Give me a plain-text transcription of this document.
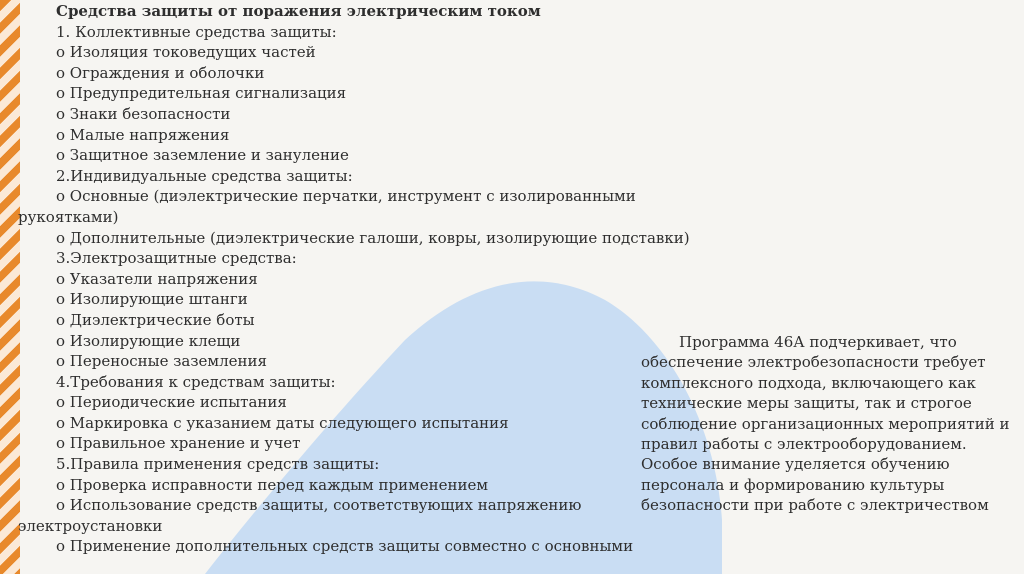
Средства защиты от поражения электрическим током
1. Коллективные средства защиты:
o Изоляция токоведущих частей
o Ограждения и оболочки
o Предупредительная сигнализация
o Знаки безопасности
o Малые напряжения
o Защитное заземление и зануление
2.Индивидуальные средства защиты:
o Основные (диэлектрические перчатки, инструмент с изолированными
рукоятками)
o Дополнительные (диэлектрические галоши, ковры, изолирующие подставки)
3.Электрозащитные средства:
o Указатели напряжения
o Изолирующие штанги
o Диэлектрические боты
o Изолирующие клещи
o Переносные заземления
4.Требования к средствам защиты:
o Периодические испытания
o Маркировка с указанием даты следующего испытания
o Правильное хранение и учет
5.Правила применения средств защиты:
o Проверка исправности перед каждым применением
o Использование средств защиты, соответствующих напряжению
электроустановки
o Применение дополнительных средств защиты совместно с основными
Программа 46А подчеркивает, что обеспечение электробезопасности требует комплексного подхода, включающего как технические меры защиты, так и строгое соблюдение организационных мероприятий и правил работы с электрооборудованием. Особое внимание уделяется обучению персонала и формированию культуры безопасности при работе с электричеством
